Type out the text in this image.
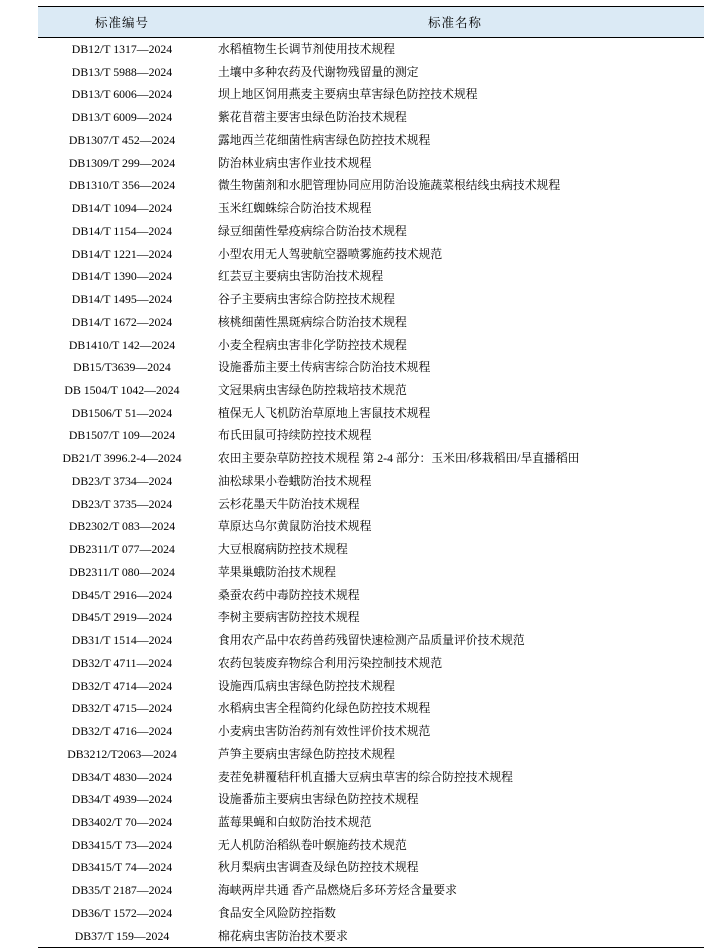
标准编号	标准名称
DB12/T 1317—2024	水稻植物生长调节剂使用技术规程
DB13/T 5988—2024	土壤中多种农药及代谢物残留量的测定
DB13/T 6006—2024	坝上地区饲用燕麦主要病虫草害绿色防控技术规程
DB13/T 6009—2024	紫花苜蓿主要害虫绿色防治技术规程
DB1307/T 452—2024	露地西兰花细菌性病害绿色防控技术规程
DB1309/T 299—2024	防治林业病虫害作业技术规程
DB1310/T 356—2024	微生物菌剂和水肥管理协同应用防治设施蔬菜根结线虫病技术规程
DB14/T 1094—2024	玉米红蜘蛛综合防治技术规程
DB14/T 1154—2024	绿豆细菌性晕疫病综合防治技术规程
DB14/T 1221—2024	小型农用无人驾驶航空器喷雾施药技术规范
DB14/T 1390—2024	红芸豆主要病虫害防治技术规程
DB14/T 1495—2024	谷子主要病虫害综合防控技术规程
DB14/T 1672—2024	核桃细菌性黑斑病综合防治技术规程
DB1410/T 142—2024	小麦全程病虫害非化学防控技术规程
DB15/T3639—2024	设施番茄主要土传病害综合防治技术规程
DB 1504/T 1042—2024	文冠果病虫害绿色防控栽培技术规范
DB1506/T 51—2024	植保无人飞机防治草原地上害鼠技术规程
DB1507/T 109—2024	布氏田鼠可持续防控技术规程
DB21/T 3996.2-4—2024	农田主要杂草防控技术规程 第 2-4 部分：玉米田/移栽稻田/旱直播稻田
DB23/T 3734—2024	油松球果小卷蛾防治技术规程
DB23/T 3735—2024	云杉花墨天牛防治技术规程
DB2302/T 083—2024	草原达乌尔黄鼠防治技术规程
DB2311/T 077—2024	大豆根腐病防控技术规程
DB2311/T 080—2024	苹果巢蛾防治技术规程
DB45/T 2916—2024	桑蚕农药中毒防控技术规程
DB45/T 2919—2024	李树主要病害防控技术规程
DB31/T 1514—2024	食用农产品中农药兽药残留快速检测产品质量评价技术规范
DB32/T 4711—2024	农药包装废弃物综合利用污染控制技术规范
DB32/T 4714—2024	设施西瓜病虫害绿色防控技术规程
DB32/T 4715—2024	水稻病虫害全程简约化绿色防控技术规程
DB32/T 4716—2024	小麦病虫害防治药剂有效性评价技术规范
DB3212/T2063—2024	芦笋主要病虫害绿色防控技术规程
DB34/T 4830—2024	麦茬免耕覆秸秆机直播大豆病虫草害的综合防控技术规程
DB34/T 4939—2024	设施番茄主要病虫害绿色防控技术规程
DB3402/T 70—2024	蓝莓果蝇和白蚁防治技术规范
DB3415/T 73—2024	无人机防治稻纵卷叶螟施药技术规范
DB3415/T 74—2024	秋月梨病虫害调查及绿色防控技术规程
DB35/T 2187—2024	海峡两岸共通 香产品燃烧后多环芳烃含量要求
DB36/T 1572—2024	食品安全风险防控指数
DB37/T 159—2024	棉花病虫害防治技术要求
